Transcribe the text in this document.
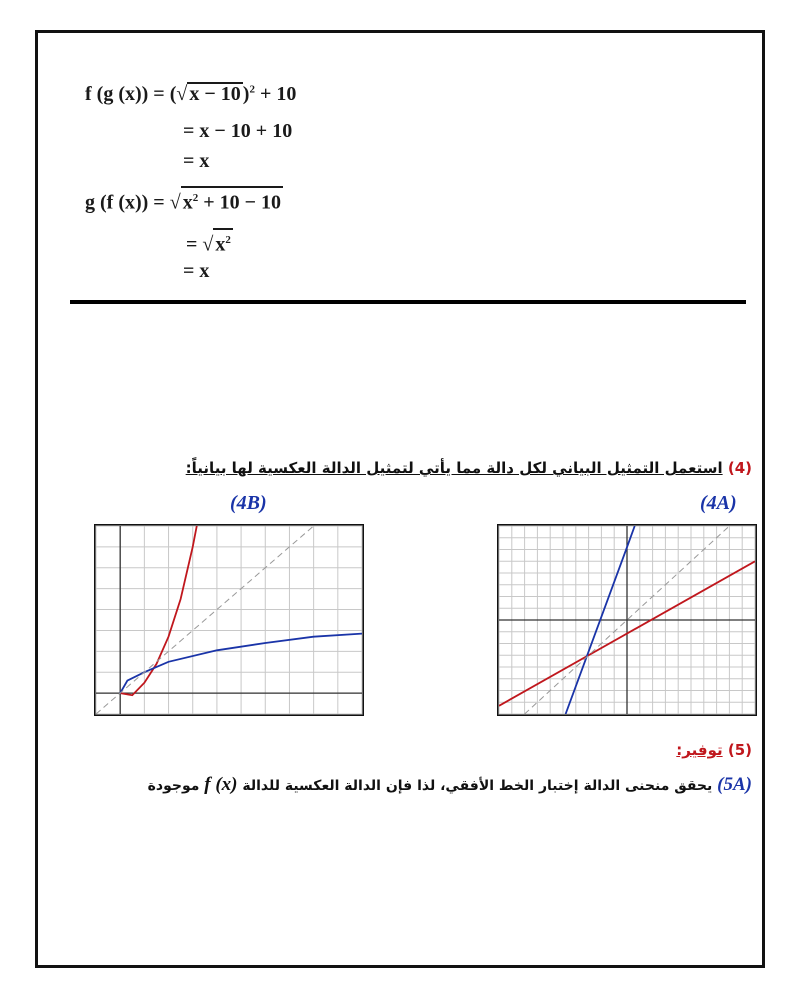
f (g (x)) = (√ x − 10 )$^2$ + 10
= x − 10 + 10
= x
g (f (x)) = √ $x^2 + 10 - 10$
= √ $x^2$
= x
(4) استعمل التمثيل البياني لكل دالة مما يأتي لتمثيل الدالة العكسية لها بيانياً:
(4B)	(4A)
(5) توفير:
(5A) يحقق منحنى الدالة إختبار الخط الأفقي، لذا فإن الدالة العكسية للدالة f (x) موجودة
